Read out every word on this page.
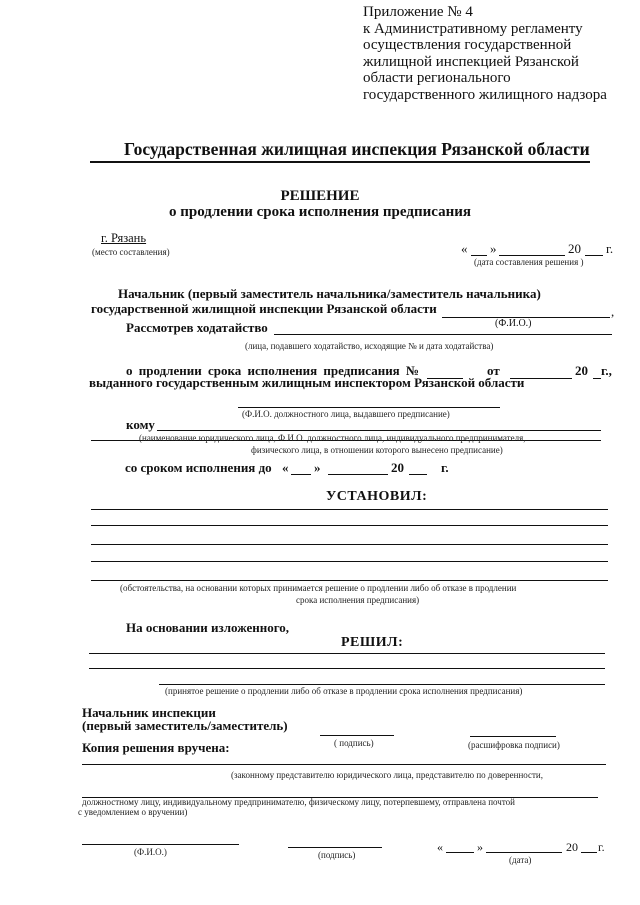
Приложение № 4
к Административному регламенту
осуществления государственной
жилищной инспекцией Рязанской
области регионального
государственного жилищного надзора
Государственная жилищная инспекция Рязанской области
РЕШЕНИЕ
о продлении срока исполнения предписания
г. Рязань
(место составления)	« »	20 г.
(дата составления решения )
Начальник (первый заместитель начальника/заместитель начальника)
государственной жилищной инспекции Рязанской области	,
(Ф.И.О.)
Рассмотрев ходатайство
(лица, подавшего ходатайство, исходящие № и дата ходатайства)
о продлении срока исполнения предписания №	от	20 г.,
выданного государственным жилищным инспектором Рязанской области
(Ф.И.О. должностного лица, выдавшего предписание)
кому
(наименование юридического лица, Ф.И.О. должностного лица, индивидуального предпринимателя,
физического лица, в отношении которого вынесено предписание)
со сроком исполнения до « »	20	г.
УСТАНОВИЛ:
(обстоятельства, на основании которых принимается решение о продлении либо об отказе в продлении
срока исполнения предписания)
На основании изложенного,
РЕШИЛ:
(принятое решение о продлении либо об отказе в продлении срока исполнения предписания)
Начальник инспекции
(первый заместитель/заместитель)
( подпись)	(расшифровка подписи)
Копия решения вручена:
(законному представителю юридического лица, представителю по доверенности,
должностному лицу, индивидуальному предпринимателю, физическому лицу, потерпевшему, отправлена почтой
с уведомлением о вручении)
(Ф.И.О.)	(подпись)
«	»	20 г.
(дата)
